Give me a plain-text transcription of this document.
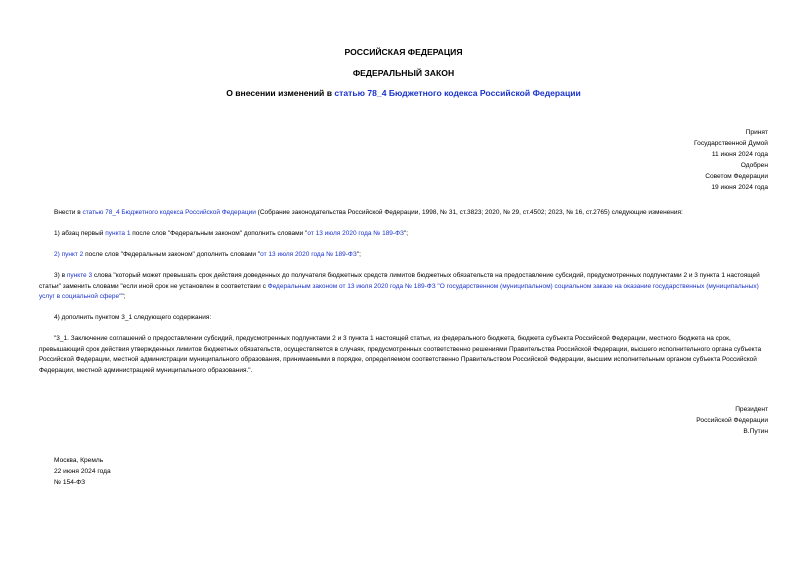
РОССИЙСКАЯ ФЕДЕРАЦИЯ
ФЕДЕРАЛЬНЫЙ ЗАКОН
О внесении изменений в статью 78_4 Бюджетного кодекса Российской Федерации
Принят
Государственной Думой
11 июня 2024 года
Одобрен
Советом Федерации
19 июня 2024 года
Внести в статью 78_4 Бюджетного кодекса Российской Федерации (Собрание законодательства Российской Федерации, 1998, № 31, ст.3823; 2020, № 29, ст.4502; 2023, № 16, ст.2765) следующие изменения:
1) абзац первый пункта 1 после слов "Федеральным законом" дополнить словами "от 13 июля 2020 года № 189-ФЗ";
2) пункт 2 после слов "Федеральным законом" дополнить словами "от 13 июля 2020 года № 189-ФЗ";
3) в пункте 3 слова "который может превышать срок действия доведенных до получателя бюджетных средств лимитов бюджетных обязательств на предоставление субсидий, предусмотренных подпунктами 2 и 3 пункта 1 настоящей статьи" заменить словами "если иной срок не установлен в соответствии с Федеральным законом от 13 июля 2020 года № 189-ФЗ "О государственном (муниципальном) социальном заказе на оказание государственных (муниципальных) услуг в социальной сфере"";
4) дополнить пунктом 3_1 следующего содержания:
"3_1. Заключение соглашений о предоставлении субсидий, предусмотренных подпунктами 2 и 3 пункта 1 настоящей статьи, из федерального бюджета, бюджета субъекта Российской Федерации, местного бюджета на срок, превышающий срок действия утвержденных лимитов бюджетных обязательств, осуществляется в случаях, предусмотренных соответственно решениями Правительства Российской Федерации, высшего исполнительного органа субъекта Российской Федерации, местной администрации муниципального образования, принимаемыми в порядке, определяемом соответственно Правительством Российской Федерации, высшим исполнительным органом субъекта Российской Федерации, местной администрацией муниципального образования.".
Президент
Российской Федерации
В.Путин
Москва, Кремль
22 июня 2024 года
№ 154-ФЗ
